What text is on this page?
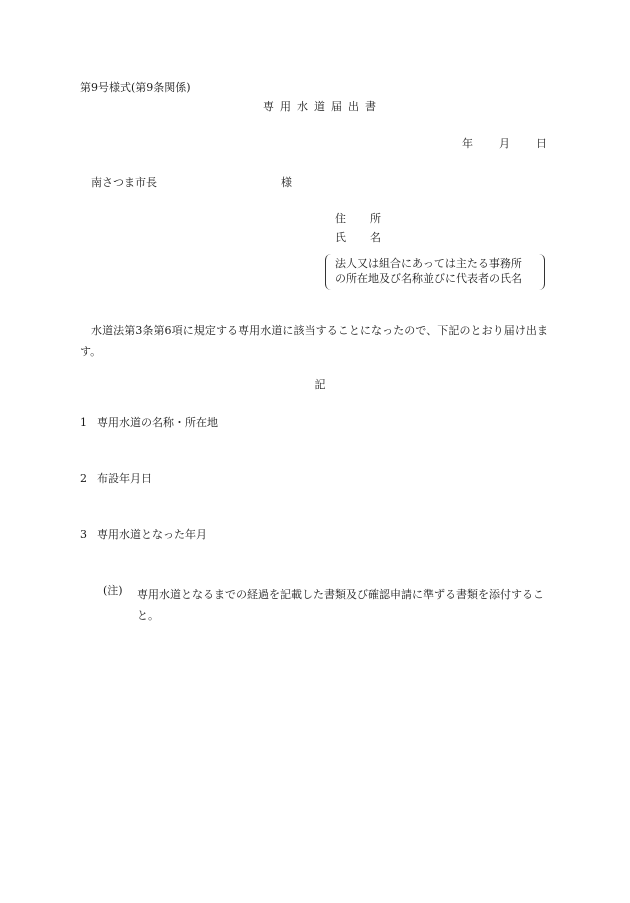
第9号様式(第9条関係)
専用水道届出書
年 月 日
南さつま市長	様
住 所
氏 名
法人又は組合にあっては主たる事務所
の所在地及び名称並びに代表者の氏名
水道法第3条第6項に規定する専用水道に該当することになったので、下記のとおり届け出ます。
記
1 専用水道の名称・所在地
2 布設年月日
3 専用水道となった年月
(注) 専用水道となるまでの経過を記載した書類及び確認申請に準ずる書類を添付すること。
